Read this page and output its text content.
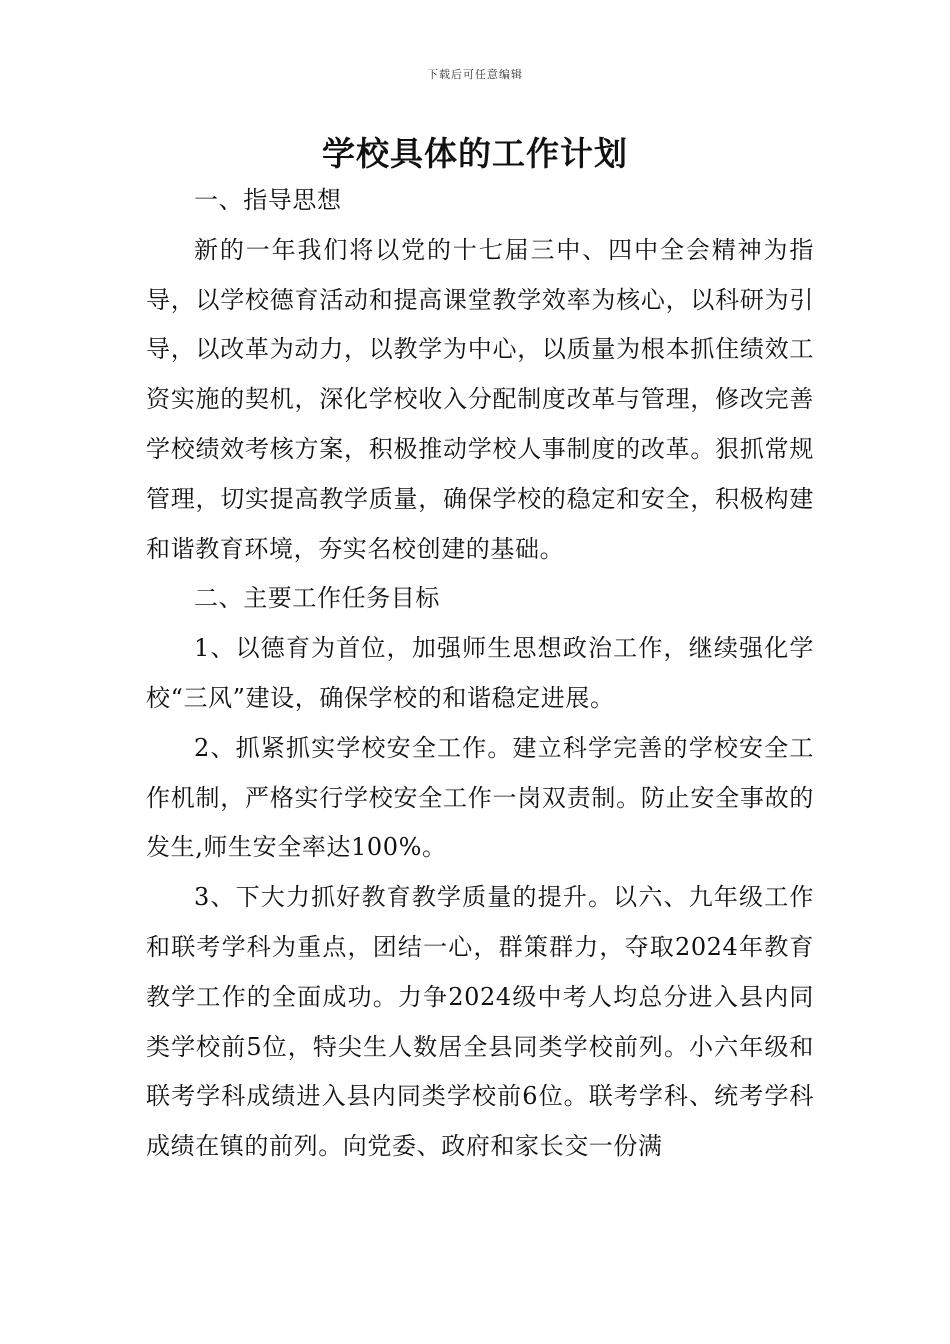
下载后可任意编辑
学校具体的工作计划

一、指导思想

新的一年我们将以党的十七届三中、四中全会精神为指导，以学校德育活动和提高课堂教学效率为核心，以科研为引导，以改革为动力，以教学为中心，以质量为根本抓住绩效工资实施的契机，深化学校收入分配制度改革与管理，修改完善学校绩效考核方案，积极推动学校人事制度的改革。狠抓常规管理，切实提高教学质量，确保学校的稳定和安全，积极构建和谐教育环境，夯实名校创建的基础。

二、主要工作任务目标

1、以德育为首位，加强师生思想政治工作，继续强化学校“三风”建设，确保学校的和谐稳定进展。

2、抓紧抓实学校安全工作。建立科学完善的学校安全工作机制，严格实行学校安全工作一岗双责制。防止安全事故的发生,师生安全率达100%。

3、下大力抓好教育教学质量的提升。以六、九年级工作和联考学科为重点，团结一心，群策群力，夺取2024年教育教学工作的全面成功。力争2024级中考人均总分进入县内同类学校前5位，特尖生人数居全县同类学校前列。小六年级和联考学科成绩进入县内同类学校前6位。联考学科、统考学科成绩在镇的前列。向党委、政府和家长交一份满
